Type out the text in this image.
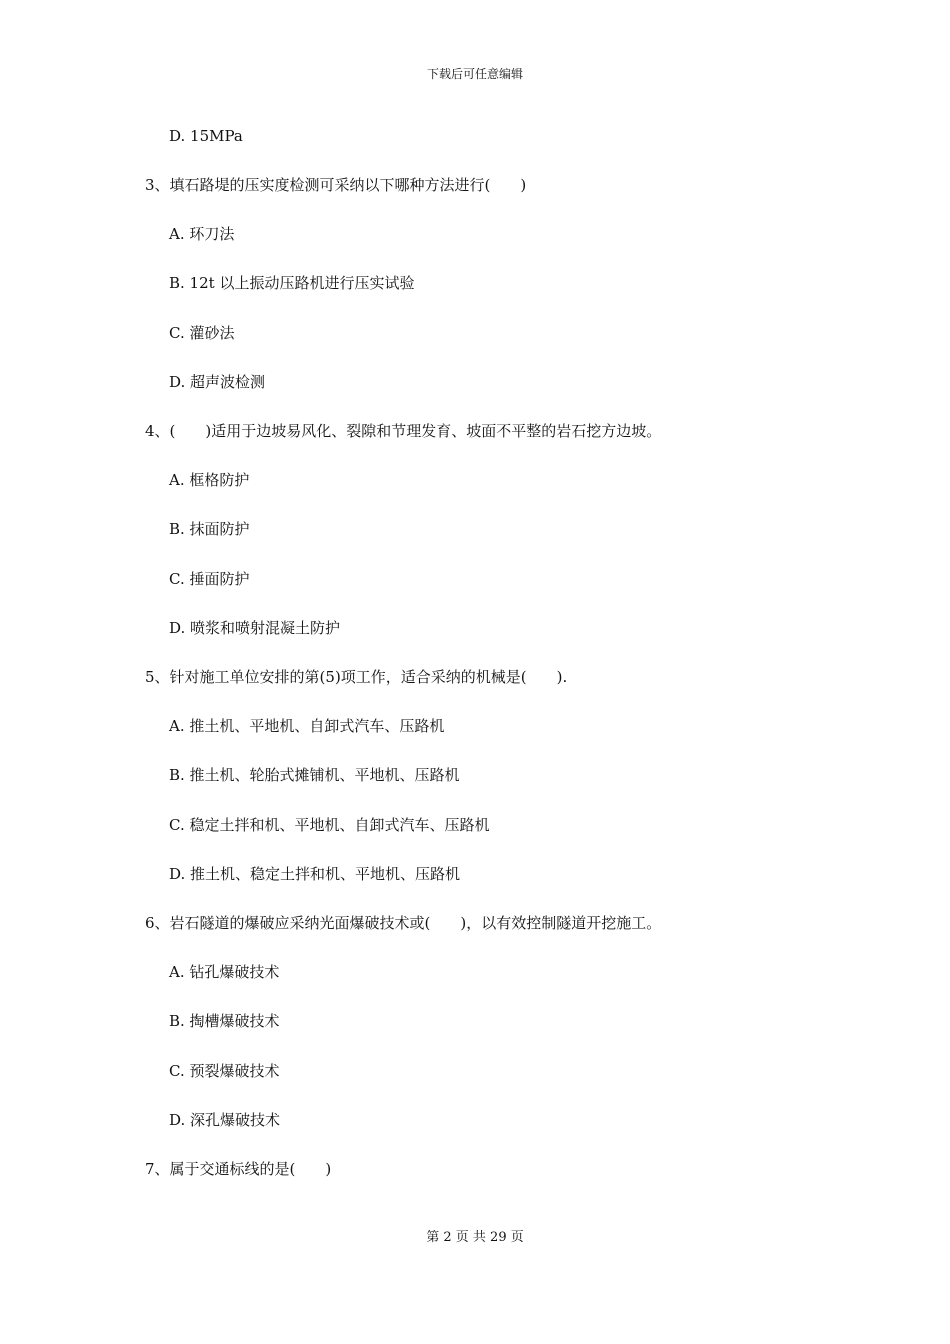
下载后可任意编辑
D. 15MPa
3、填石路堤的压实度检测可采纳以下哪种方法进行(　　)
A. 环刀法
B. 12t 以上振动压路机进行压实试验
C. 灌砂法
D. 超声波检测
4、(　　)适用于边坡易风化、裂隙和节理发育、坡面不平整的岩石挖方边坡。
A. 框格防护
B. 抹面防护
C. 捶面防护
D. 喷浆和喷射混凝土防护
5、针对施工单位安排的第(5)项工作，适合采纳的机械是(　　).
A. 推土机、平地机、自卸式汽车、压路机
B. 推土机、轮胎式摊铺机、平地机、压路机
C. 稳定土拌和机、平地机、自卸式汽车、压路机
D. 推土机、稳定土拌和机、平地机、压路机
6、岩石隧道的爆破应采纳光面爆破技术或(　　)，以有效控制隧道开挖施工。
A. 钻孔爆破技术
B. 掏槽爆破技术
C. 预裂爆破技术
D. 深孔爆破技术
7、属于交通标线的是(　　)
第 2 页 共 29 页
